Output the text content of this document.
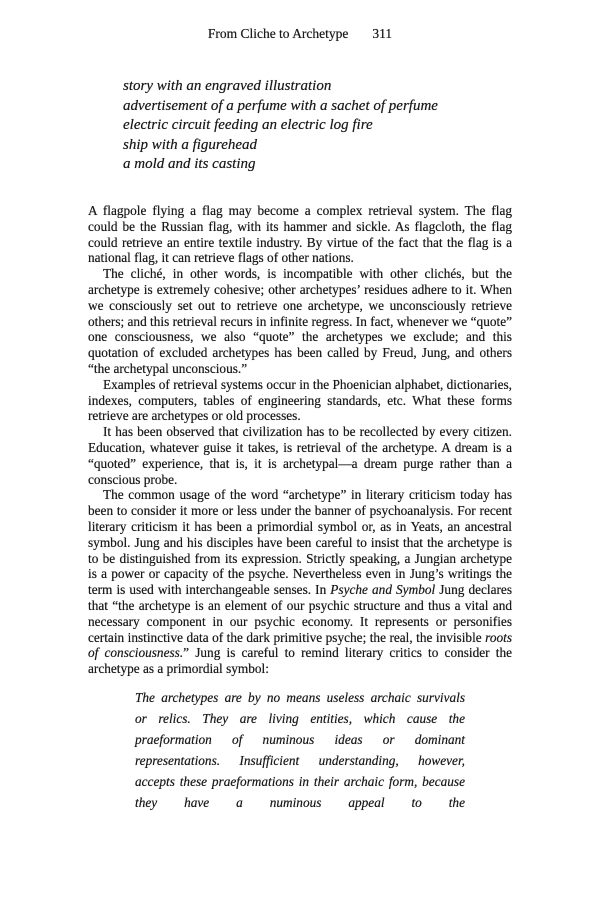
From Cliche to Archetype 311
story with an engraved illustration
advertisement of a perfume with a sachet of perfume
electric circuit feeding an electric log fire
ship with a figurehead
a mold and its casting

A flagpole flying a flag may become a complex retrieval system. The flag could be the Russian flag, with its hammer and sickle. As flagcloth, the flag could retrieve an entire textile industry. By virtue of the fact that the flag is a national flag, it can retrieve flags of other nations.

The cliché, in other words, is incompatible with other clichés, but the archetype is extremely cohesive; other archetypes’ residues adhere to it. When we consciously set out to retrieve one archetype, we unconsciously retrieve others; and this retrieval recurs in infinite regress. In fact, whenever we “quote” one consciousness, we also “quote” the archetypes we exclude; and this quotation of excluded archetypes has been called by Freud, Jung, and others “the archetypal unconscious.”

Examples of retrieval systems occur in the Phoenician alphabet, dictionaries, indexes, computers, tables of engineering standards, etc. What these forms retrieve are archetypes or old processes.

It has been observed that civilization has to be recollected by every citizen. Education, whatever guise it takes, is retrieval of the archetype. A dream is a “quoted” experience, that is, it is archetypal—a dream purge rather than a conscious probe.

The common usage of the word “archetype” in literary criticism today has been to consider it more or less under the banner of psychoanalysis. For recent literary criticism it has been a primordial symbol or, as in Yeats, an ancestral symbol. Jung and his disciples have been careful to insist that the archetype is to be distinguished from its expression. Strictly speaking, a Jungian archetype is a power or capacity of the psyche. Nevertheless even in Jung’s writings the term is used with interchangeable senses. In Psyche and Symbol Jung declares that “the archetype is an element of our psychic structure and thus a vital and necessary component in our psychic economy. It represents or personifies certain instinctive data of the dark primitive psyche; the real, the invisible roots of consciousness.” Jung is careful to remind literary critics to consider the archetype as a primordial symbol:

The archetypes are by no means useless archaic survivals or relics. They are living entities, which cause the praeformation of numinous ideas or dominant representations. Insufficient understanding, however, accepts these praeformations in their archaic form, because they have a numinous appeal to the
